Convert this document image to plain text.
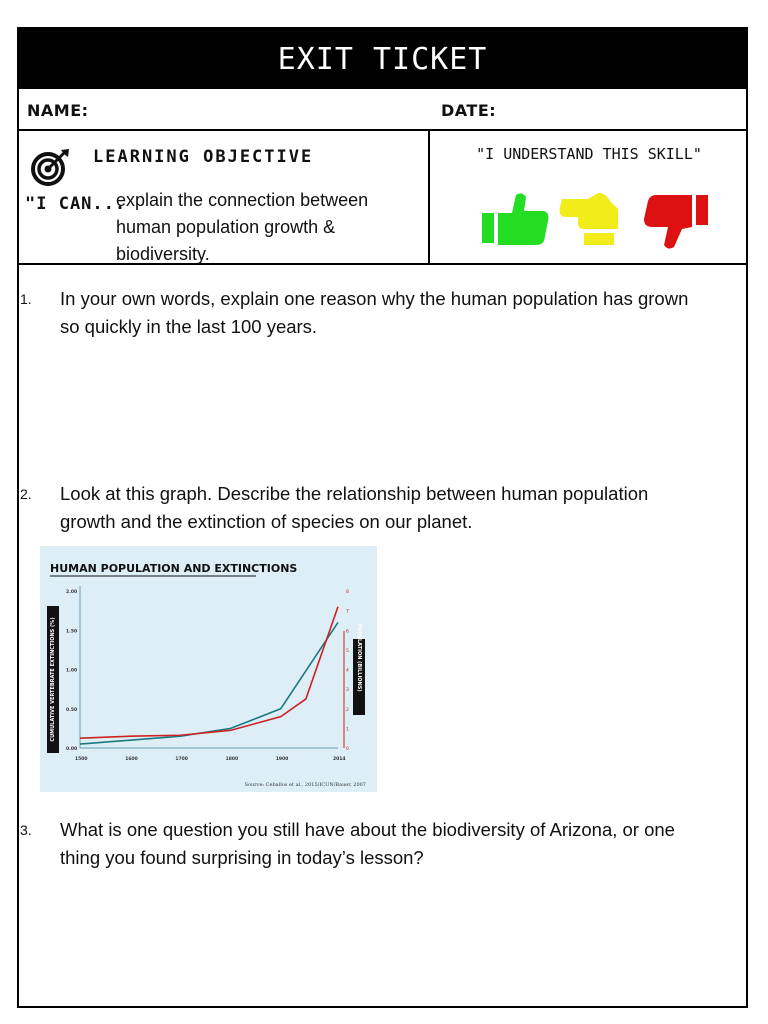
EXIT TICKET
NAME:	DATE:
LEARNING OBJECTIVE
"I CAN...
explain the connection between human population growth & biodiversity.
"I UNDERSTAND THIS SKILL"
1.	In your own words, explain one reason why the human population has grown so quickly in the last 100 years.
2.	Look at this graph. Describe the relationship between human population growth and the extinction of species on our planet.
HUMAN POPULATION AND EXTINCTIONS
0.00
0.50
1.00
1.50
2.00
0
1
2
3
4
5
6
7
8
1500	1600	1700	1800	1900	2014
CUMULATIVE VERTEBRATE EXTINCTIONS (%)	POPULATION (BILLIONS)
Source: Ceballos et al., 2015/ICUN/Bauer, 2007
3.	What is one question you still have about the biodiversity of Arizona, or one thing you found surprising in today’s lesson?
